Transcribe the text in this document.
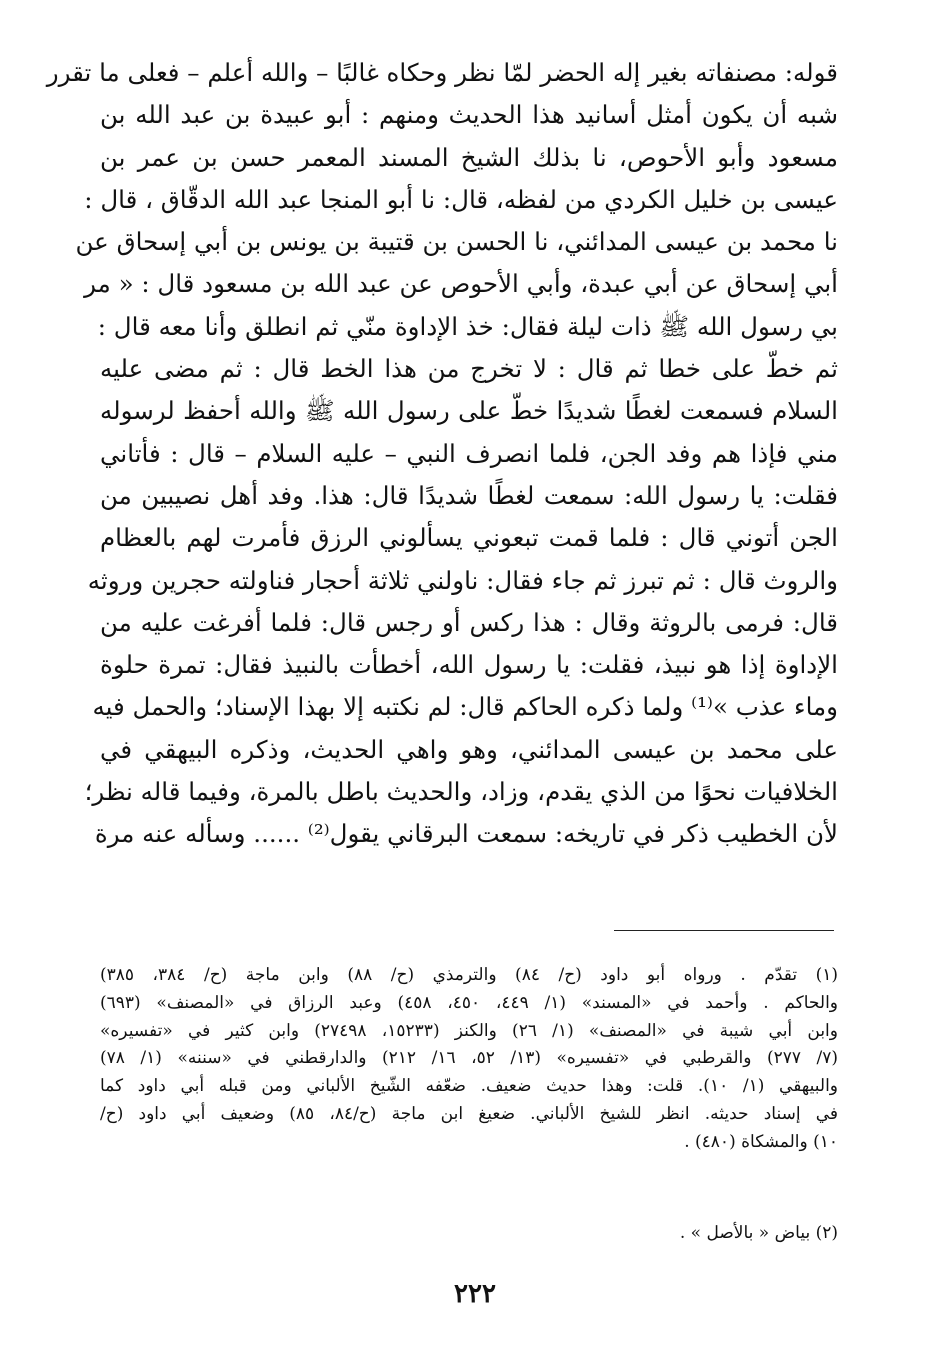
قوله: مصنفاته بغير إله الحضر لمّا نظر وحكاه غالبًا – والله أعلم – فعلى ما تقرر
شبه أن يكون أمثل أسانيد هذا الحديث ومنهم : أبو عبيدة بن عبد الله بن
مسعود وأبو الأحوص، نا بذلك الشيخ المسند المعمر حسن بن عمر بن
عيسى بن خليل الكردي من لفظه، قال: نا أبو المنجا عبد الله الدقّاق ، قال :
نا محمد بن عيسى المدائني، نا الحسن بن قتيبة بن يونس بن أبي إسحاق عن
أبي إسحاق عن أبي عبدة، وأبي الأحوص عن عبد الله بن مسعود قال : « مر
بي رسول الله ﷺ ذات ليلة فقال: خذ الإداوة منّي ثم انطلق وأنا معه قال :
ثم خطّ على خطا ثم قال : لا تخرج من هذا الخط قال : ثم مضى عليه
السلام فسمعت لغطًا شديدًا خطّ على رسول الله ﷺ والله أحفظ لرسوله
مني فإذا هم وفد الجن، فلما انصرف النبي – عليه السلام – قال : فأتاني
فقلت: يا رسول الله: سمعت لغطًا شديدًا قال: هذا. وفد أهل نصيبين من
الجن أتوني قال : فلما قمت تبعوني يسألوني الرزق فأمرت لهم بالعظام
والروث قال : ثم تبرز ثم جاء فقال: ناولني ثلاثة أحجار فناولته حجرين وروثه
قال: فرمى بالروثة وقال : هذا ركس أو رجس قال: فلما أفرغت عليه من
الإداوة إذا هو نبيذ، فقلت: يا رسول الله، أخطأت بالنبيذ فقال: تمرة حلوة
وماء عذب »⁽¹⁾ ولما ذكره الحاكم قال: لم نكتبه إلا بهذا الإسناد؛ والحمل فيه
على محمد بن عيسى المدائني، وهو واهي الحديث، وذكره البيهقي في
الخلافيات نحوًا من الذي يقدم، وزاد، والحديث باطل بالمرة، وفيما قاله نظر؛
لأن الخطيب ذكر في تاريخه: سمعت البرقاني يقول⁽²⁾ ...... وسأله عنه مرة
(١) تقدّم . ورواه أبو داود (ح/ ٨٤) والترمذي (ح/ ٨٨) وابن ماجة (ح/ ٣٨٤، ٣٨٥)
والحاكم . وأحمد في «المسند» (١/ ٤٤٩، ٤٥٠، ٤٥٨) وعبد الرزاق في «المصنف» (٦٩٣)
وابن أبي شيبة في «المصنف» (١/ ٢٦) والكنز (١٥٢٣٣، ٢٧٤٩٨) وابن كثير في «تفسيره»
(٧/ ٢٧٧) والقرطبي في «تفسيره» (١٣/ ٥٢، ١٦/ ٢١٢) والدارقطني في «سننه» (١/ ٧٨)
والبيهقي (١/ ١٠). قلت: وهذا حديث ضعيف. ضعّفه الشّيخ الألباني ومن قبله أبي داود كما
في إسناد حديثه. انظر للشيخ الألباني. ضعيغ ابن ماجة (ح/٨٤، ٨٥) وضعيف أبي داود (ح/
١٠) والمشكاة (٤٨٠) .
(٢) بياض « بالأصل » .
٢٢٢
